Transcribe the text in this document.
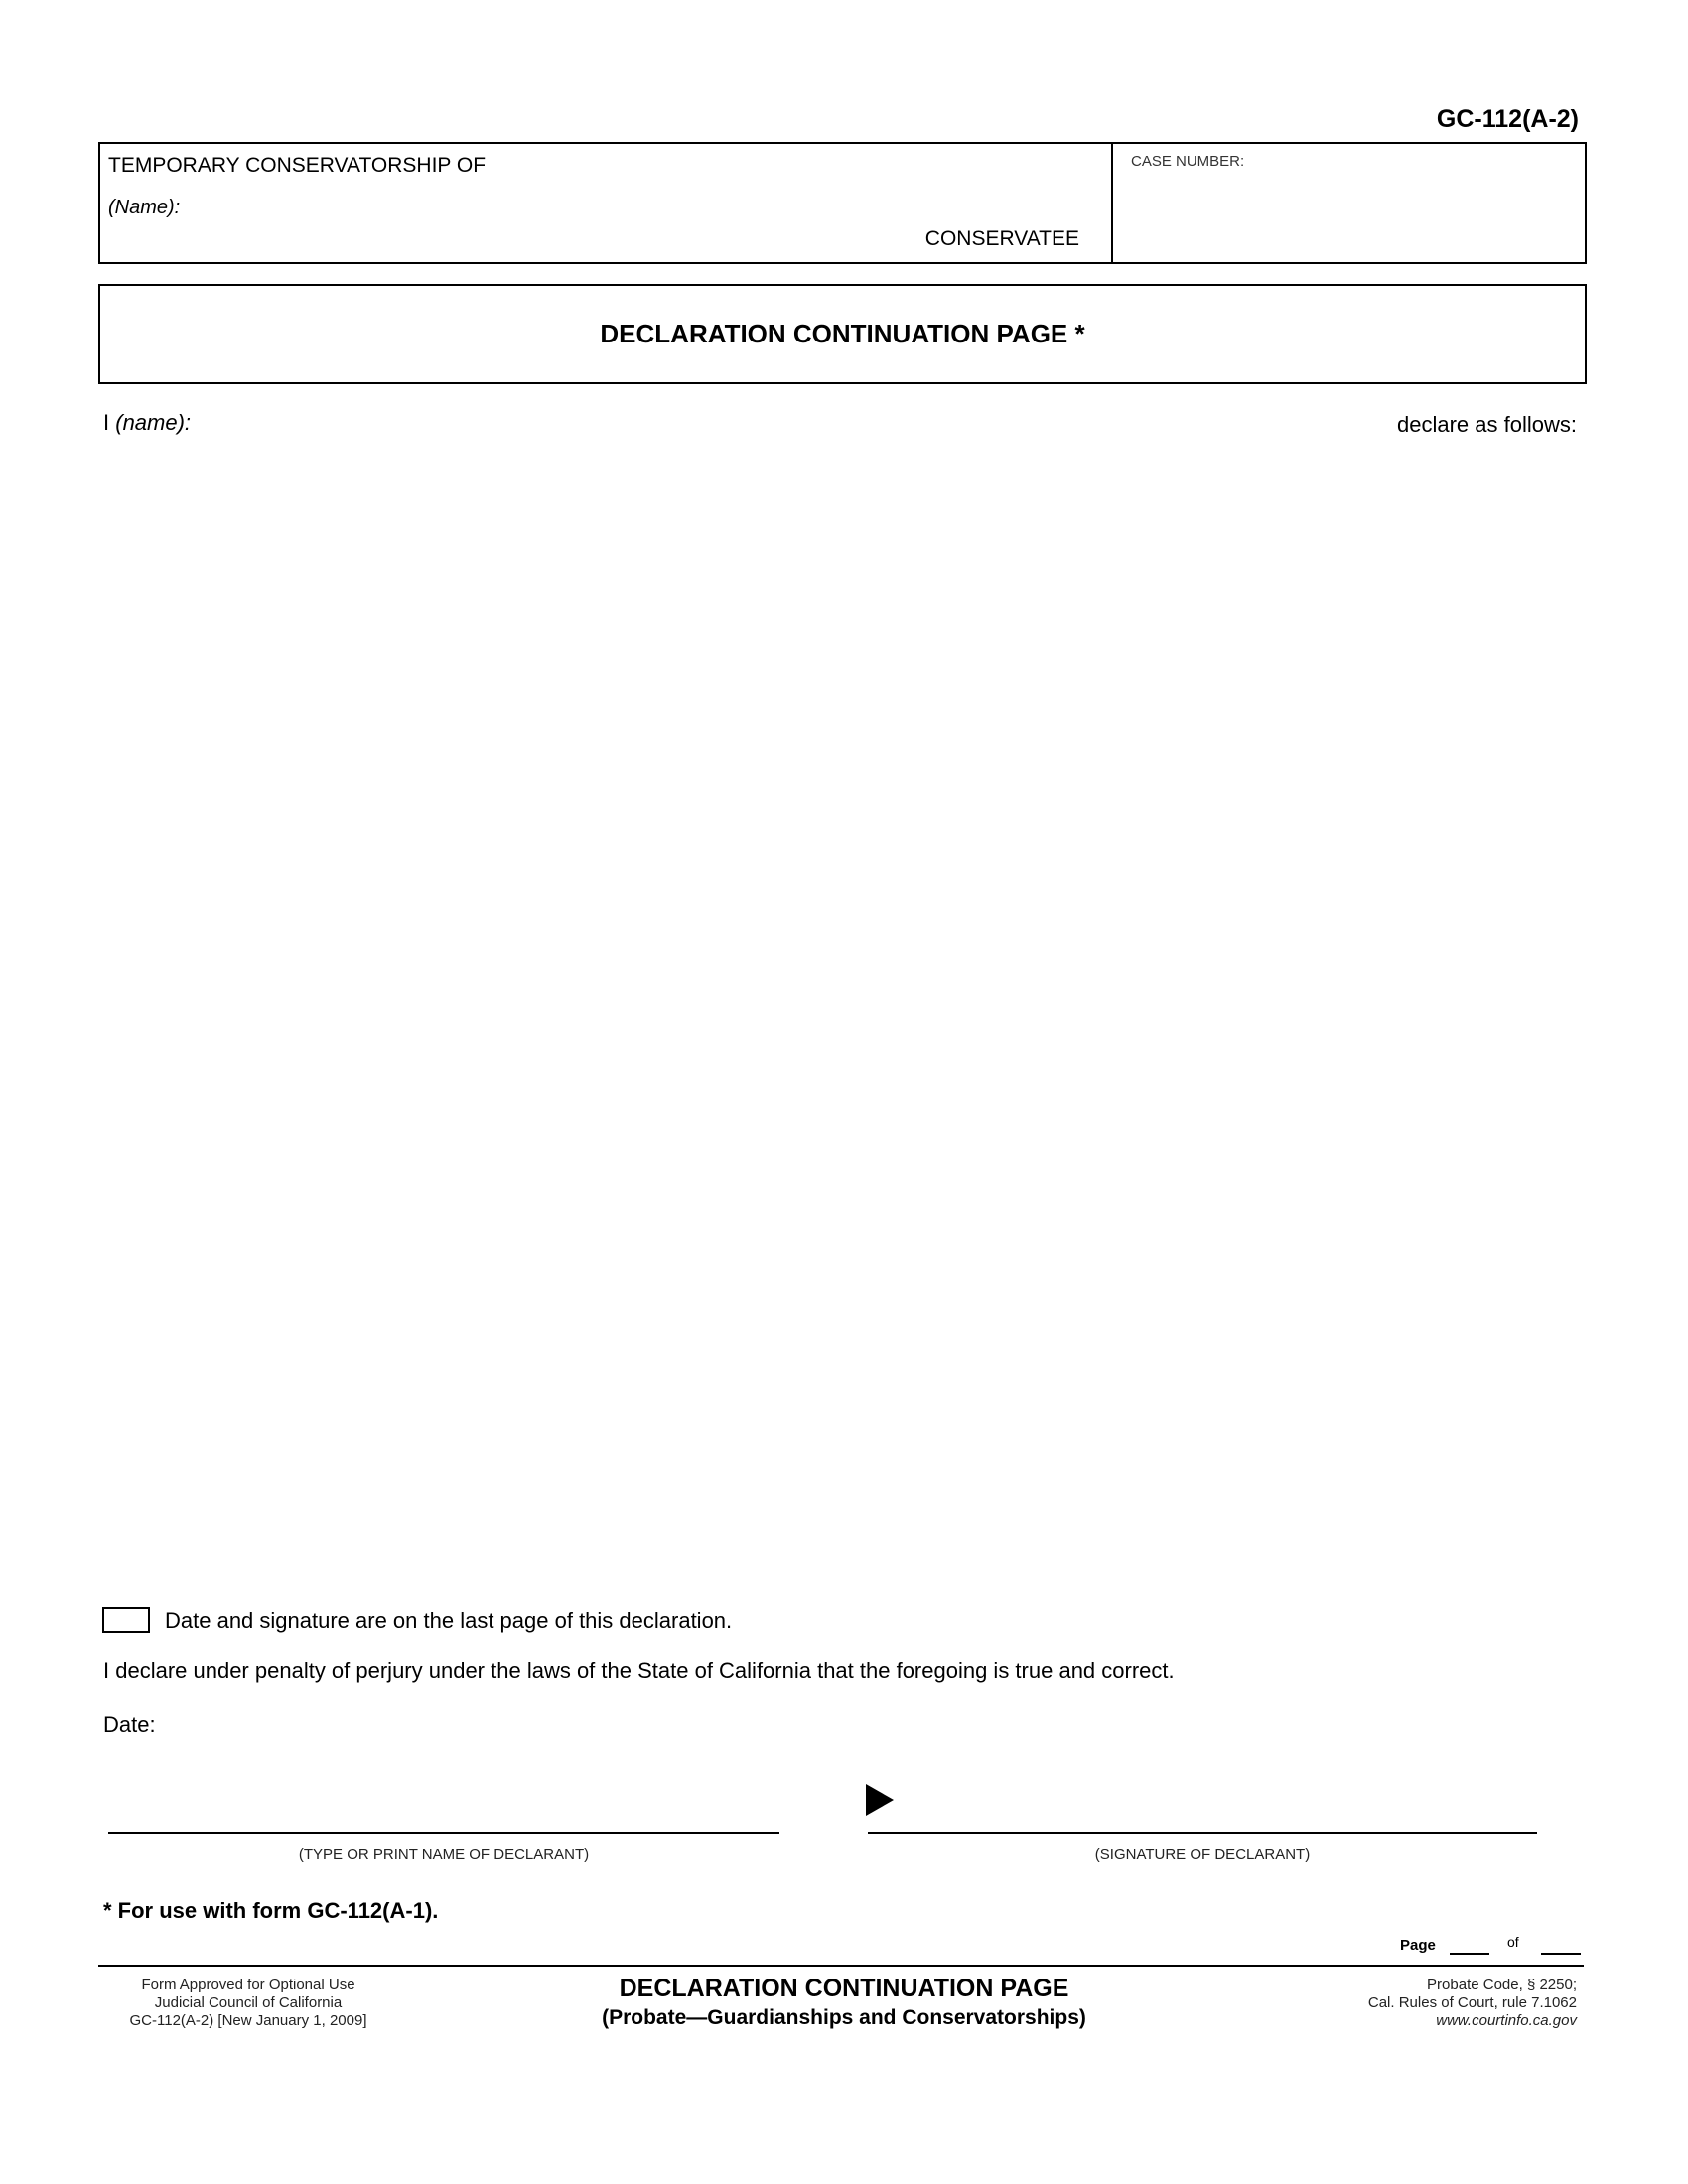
GC-112(A-2)
TEMPORARY CONSERVATORSHIP OF
(Name):
CONSERVATEE
CASE NUMBER:
DECLARATION CONTINUATION PAGE *
I (name):	declare as follows:
Date and signature are on the last page of this declaration.
I declare under penalty of perjury under the laws of the State of California that the foregoing is true and correct.
Date:
(TYPE OR PRINT NAME OF DECLARANT)	(SIGNATURE OF DECLARANT)
* For use with form GC-112(A-1).
Page	of
Form Approved for Optional Use
Judicial Council of California
GC-112(A-2) [New January 1, 2009]
DECLARATION CONTINUATION PAGE
(Probate—Guardianships and Conservatorships)
Probate Code, § 2250;
Cal. Rules of Court, rule 7.1062
www.courtinfo.ca.gov
